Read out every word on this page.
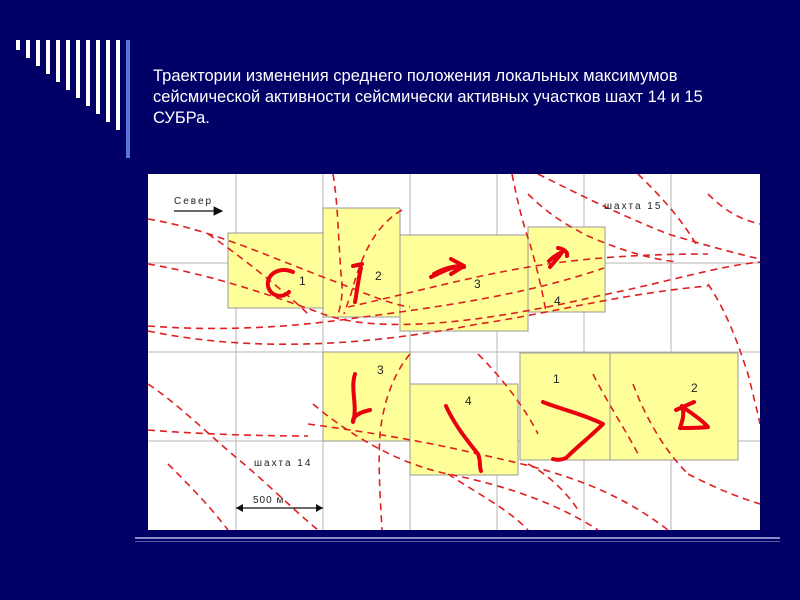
Траектории изменения среднего положения локальных максимумов сейсмической активности сейсмически активных участков шахт 14 и 15 СУБРа.
1	2
3
4
3
4
1
2
Север	шахта 15
шахта 14
500 м
